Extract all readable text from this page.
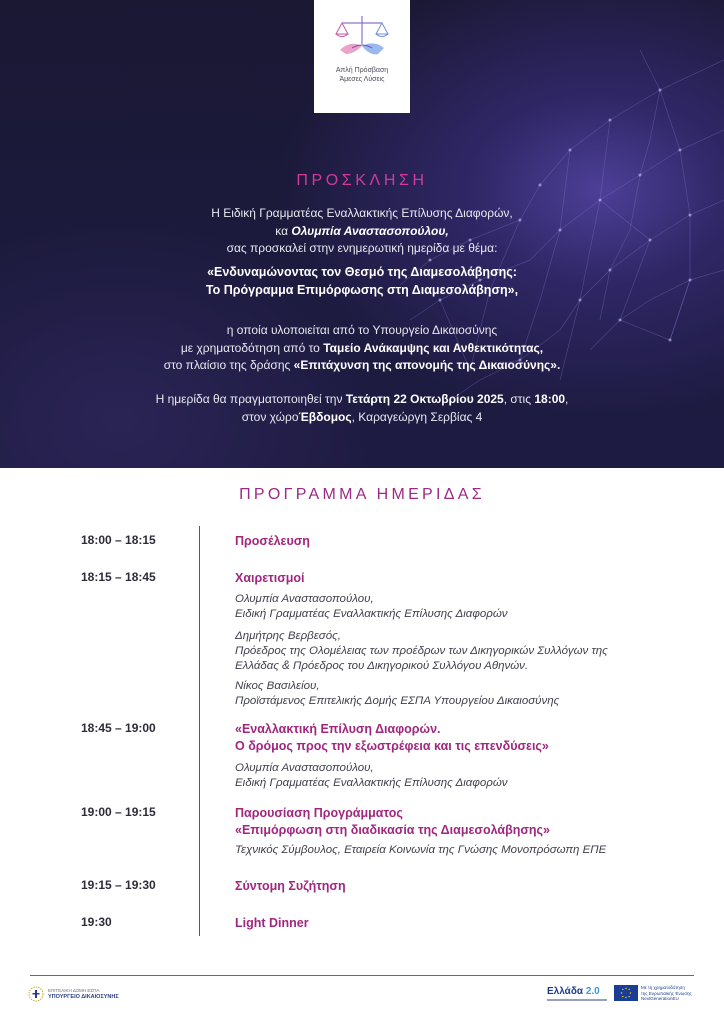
Απλή Πρόσβαση
Άμεσες Λύσεις
ΠΡΟΣΚΛΗΣΗ
Η Ειδική Γραμματέας Εναλλακτικής Επίλυσης Διαφορών,
κα Ολυμπία Αναστασοπούλου,
σας προσκαλεί στην ενημερωτική ημερίδα με θέμα:
«Ενδυναμώνοντας τον Θεσμό της Διαμεσολάβησης:
Το Πρόγραμμα Επιμόρφωσης στη Διαμεσολάβηση»,
η οποία υλοποιείται από το Υπουργείο Δικαιοσύνης
με χρηματοδότηση από το Ταμείο Ανάκαμψης και Ανθεκτικότητας,
στο πλαίσιο της δράσης «Επιτάχυνση της απονομής της Δικαιοσύνης».
Η ημερίδα θα πραγματοποιηθεί την Τετάρτη 22 Οκτωβρίου 2025, στις 18:00,
στον χώροΈβδομος, Καραγεώργη Σερβίας 4
ΠΡΟΓΡΑΜΜΑ ΗΜΕΡΙΔΑΣ
18:00 – 18:15	Προσέλευση
18:15 – 18:45	Χαιρετισμοί
Ολυμπία Αναστασοπούλου,
Ειδική Γραμματέας Εναλλακτικής Επίλυσης Διαφορών
Δημήτρης Βερβεσός,
Πρόεδρος της Ολομέλειας των προέδρων των Δικηγορικών Συλλόγων της
Ελλάδας & Πρόεδρος του Δικηγορικού Συλλόγου Αθηνών.
Νίκος Βασιλείου,
Προϊστάμενος Επιτελικής Δομής ΕΣΠΑ Υπουργείου Δικαιοσύνης
18:45 – 19:00	«Εναλλακτική Επίλυση Διαφορών.
Ο δρόμος προς την εξωστρέφεια και τις επενδύσεις»
Ολυμπία Αναστασοπούλου,
Ειδική Γραμματέας Εναλλακτικής Επίλυσης Διαφορών
19:00 – 19:15	Παρουσίαση Προγράμματος
«Επιμόρφωση στη διαδικασία της Διαμεσολάβησης»
Τεχνικός Σύμβουλος, Εταιρεία Κοινωνία της Γνώσης Μονοπρόσωπη ΕΠΕ
19:15 – 19:30	Σύντομη Συζήτηση
19:30	Light Dinner
ΕΠΙΤΕΛΙΚΗ ΔΟΜΗ ΕΣΠΑ
ΥΠΟΥΡΓΕΙΟ ΔΙΚΑΙΟΣΥΝΗΣ	Ελλάδα 2.0	Με τη χρηματοδότηση
της Ευρωπαϊκής Ένωσης
NextGenerationEU
